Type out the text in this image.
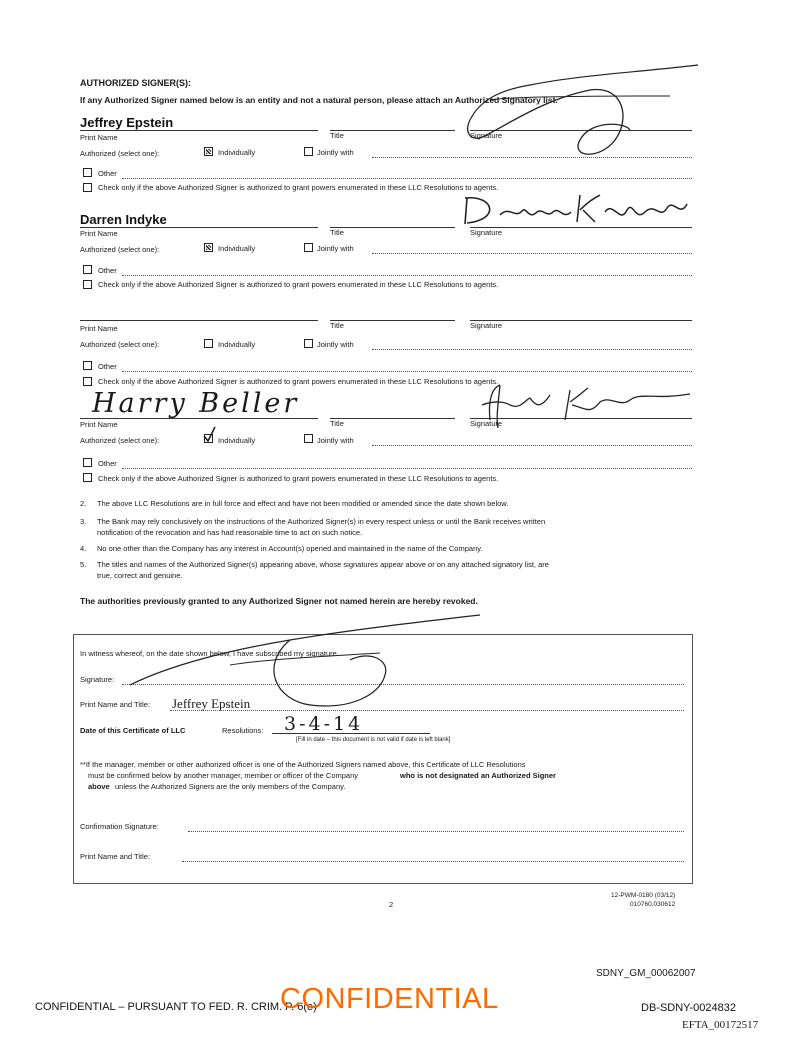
AUTHORIZED SIGNER(S):
If any Authorized Signer named below is an entity and not a natural person, please attach an Authorized Signatory list.
Jeffrey Epstein
Print Name	Title	Signature
Authorized (select one):	Individually	Jointly with
Other
Check only if the above Authorized Signer is authorized to grant powers enumerated in these LLC Resolutions to agents.
Darren Indyke
Print Name	Title	Signature
Authorized (select one):	Individually	Jointly with
Other
Check only if the above Authorized Signer is authorized to grant powers enumerated in these LLC Resolutions to agents.
Print Name	Title	Signature
Authorized (select one):	Individually	Jointly with
Other
Check only if the above Authorized Signer is authorized to grant powers enumerated in these LLC Resolutions to agents.
Harry Beller
Print Name	Title	Signature
Authorized (select one):	Individually	Jointly with
Other
Check only if the above Authorized Signer is authorized to grant powers enumerated in these LLC Resolutions to agents.
2. The above LLC Resolutions are in full force and effect and have not been modified or amended since the date shown below.
3. The Bank may rely conclusively on the instructions of the Authorized Signer(s) in every respect unless or until the Bank receives written
notification of the revocation and has had reasonable time to act on such notice.
4. No one other than the Company has any interest in Account(s) opened and maintained in the name of the Company.
5. The titles and names of the Authorized Signer(s) appearing above, whose signatures appear above or on any attached signatory list, are
true, correct and genuine.
The authorities previously granted to any Authorized Signer not named herein are hereby revoked.
In witness whereof, on the date shown below, I have subscribed my signature.
Signature:
Print Name and Title: Jeffrey Epstein
Date of this Certificate of LLC	Resolutions: 3-4-14
[Fill in date – this document is not valid if date is left blank]
**If the manager, member or other authorized officer is one of the Authorized Signers named above, this Certificate of LLC Resolutions
must be confirmed below by another manager, member or officer of the Company	who is not designated an Authorized Signer
above unless the Authorized Signers are the only members of the Company.
Confirmation Signature:
Print Name and Title:
2
12-PWM-0180 (03/12)
010760.030612
SDNY_GM_00062007
CONFIDENTIAL – PURSUANT TO FED. R. CRIM. P. 6(e)
CONFIDENTIAL	DB-SDNY-0024832
EFTA_00172517
